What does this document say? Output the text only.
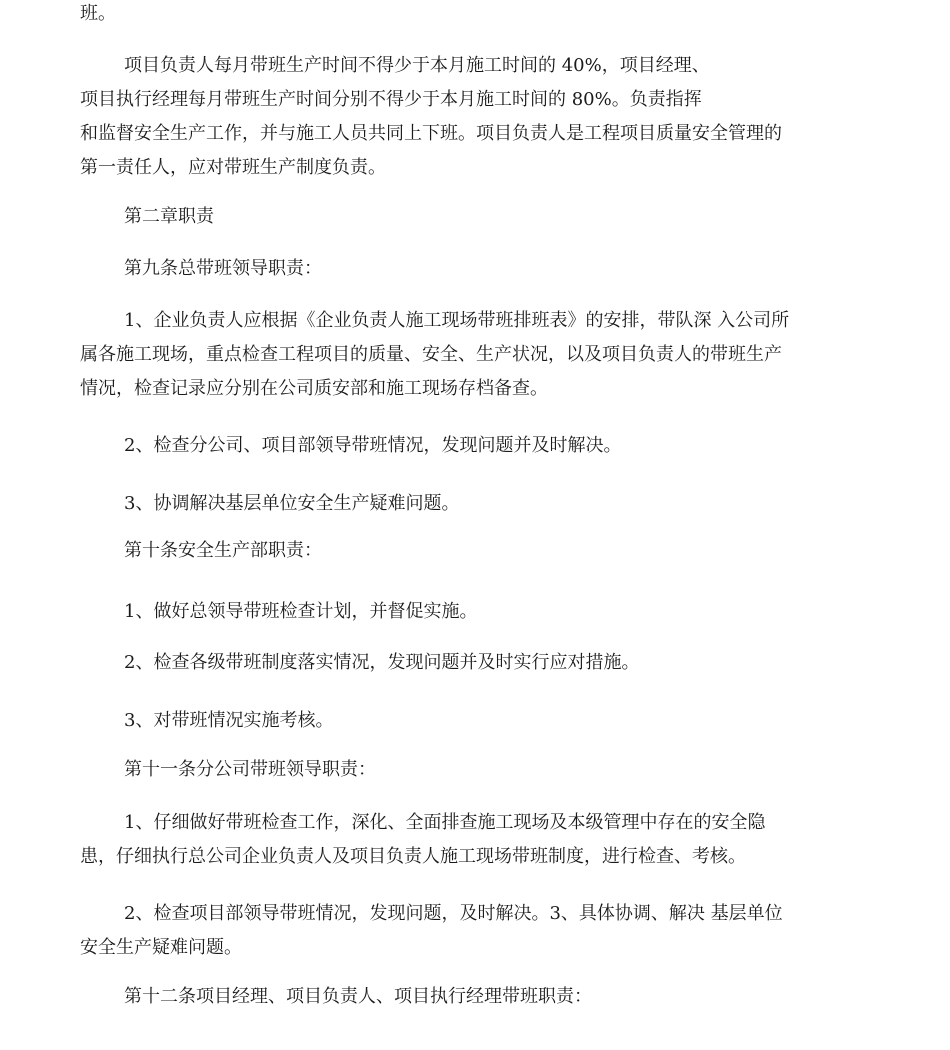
班。

项目负责人每月带班生产时间不得少于本月施工时间的 40%，项目经理、

项目执行经理每月带班生产时间分别不得少于本月施工时间的 80%。负责指挥

和监督安全生产工作，并与施工人员共同上下班。项目负责人是工程项目质量安全管理的

第一责任人，应对带班生产制度负责。

第二章职责

第九条总带班领导职责：

1、企业负责人应根据《企业负责人施工现场带班排班表》的安排，带队深 入公司所

属各施工现场，重点检查工程项目的质量、安全、生产状况，以及项目负责人的带班生产

情况，检查记录应分别在公司质安部和施工现场存档备查。

2、检查分公司、项目部领导带班情况，发现问题并及时解决。

3、协调解决基层单位安全生产疑难问题。

第十条安全生产部职责：

1、做好总领导带班检查计划，并督促实施。

2、检查各级带班制度落实情况，发现问题并及时实行应对措施。

3、对带班情况实施考核。

第十一条分公司带班领导职责：

1、仔细做好带班检查工作，深化、全面排查施工现场及本级管理中存在的安全隐

患，仔细执行总公司企业负责人及项目负责人施工现场带班制度，进行检查、考核。

2、检查项目部领导带班情况，发现问题，及时解决。3、具体协调、解决 基层单位

安全生产疑难问题。

第十二条项目经理、项目负责人、项目执行经理带班职责：
